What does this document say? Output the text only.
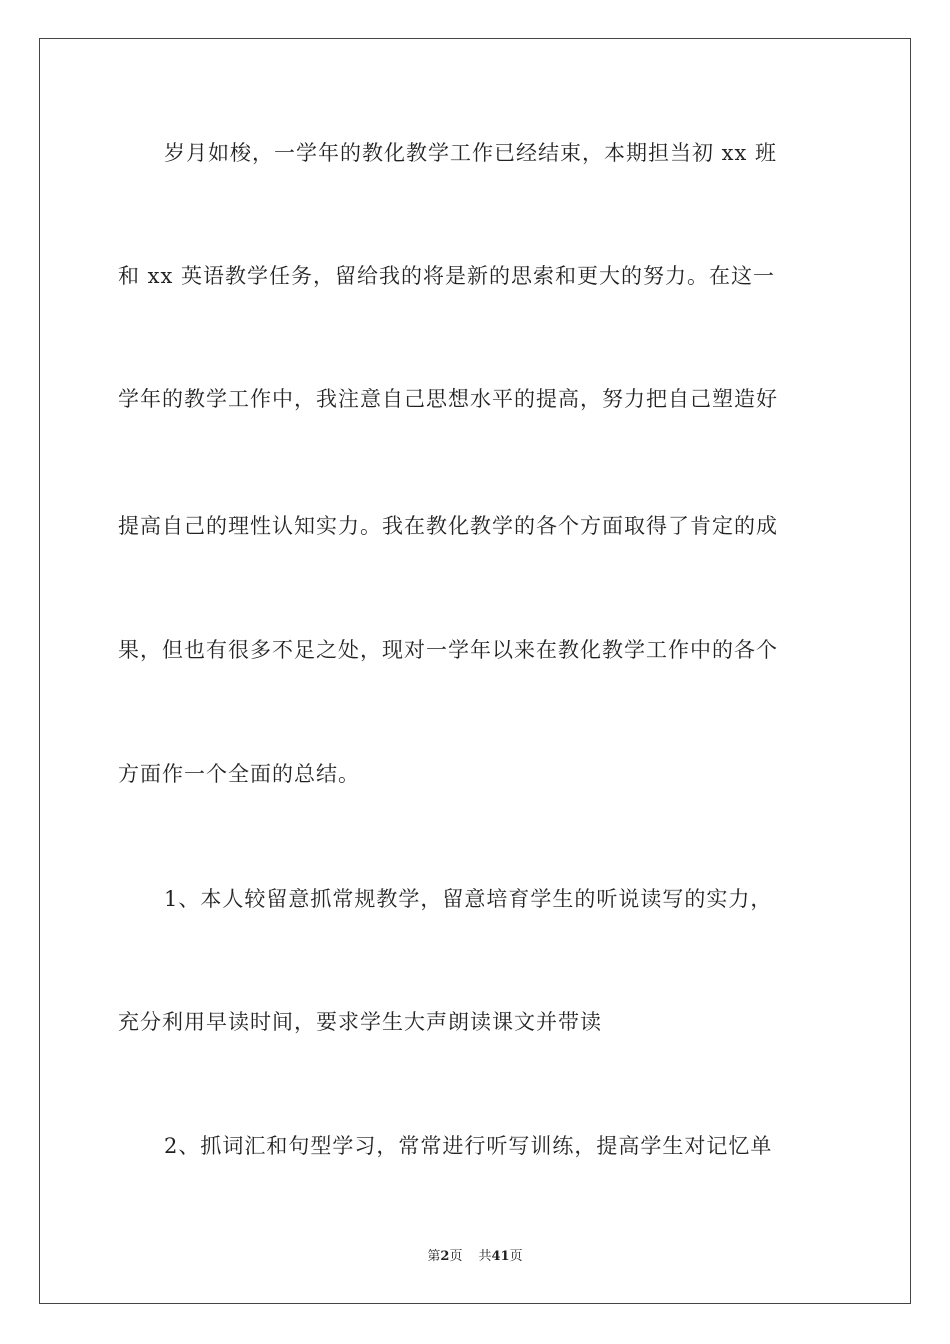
岁月如梭，一学年的教化教学工作已经结束，本期担当初 xx 班
和 xx 英语教学任务，留给我的将是新的思索和更大的努力。在这一
学年的教学工作中，我注意自己思想水平的提高，努力把自己塑造好
提高自己的理性认知实力。我在教化教学的各个方面取得了肯定的成
果，但也有很多不足之处，现对一学年以来在教化教学工作中的各个
方面作一个全面的总结。
1、本人较留意抓常规教学，留意培育学生的听说读写的实力，
充分利用早读时间，要求学生大声朗读课文并带读
2、抓词汇和句型学习，常常进行听写训练，提高学生对记忆单
第2页 共41页
